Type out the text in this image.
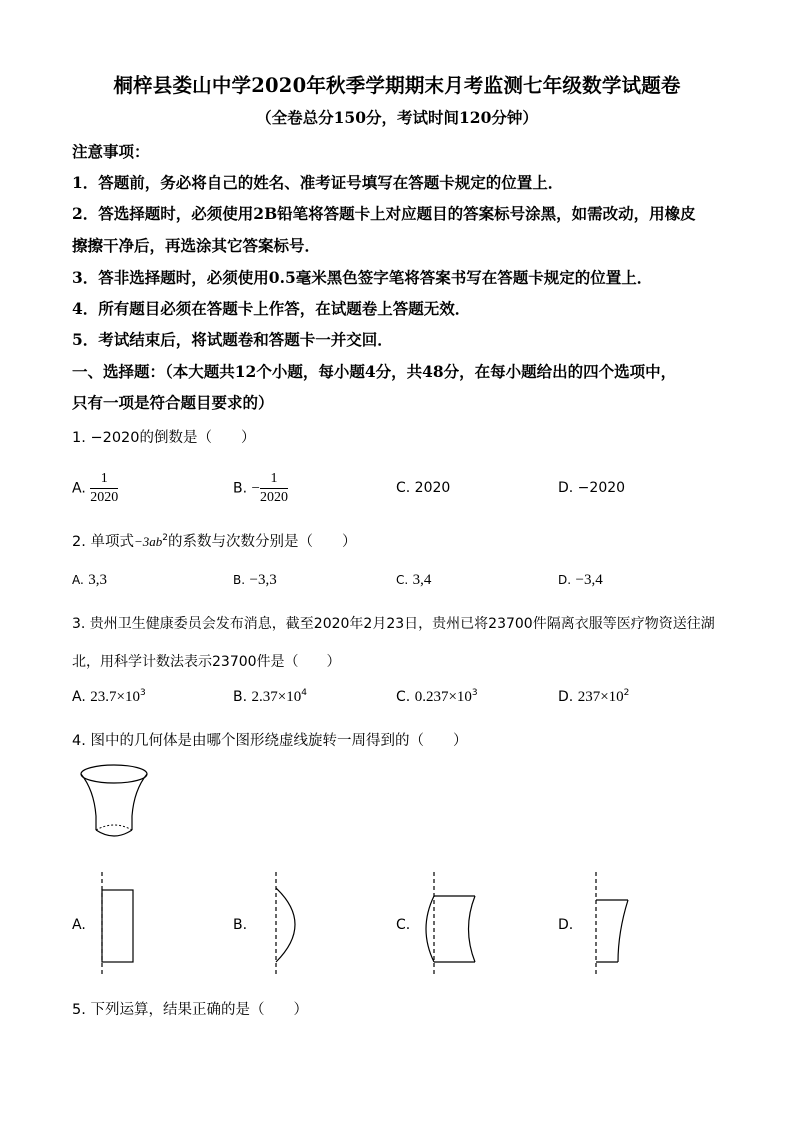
桐梓县娄山中学2020年秋季学期期末月考监测七年级数学试题卷
（全卷总分150分，考试时间120分钟）
注意事项：
1．答题前，务必将自己的姓名、准考证号填写在答题卡规定的位置上．
2．答选择题时，必须使用2B铅笔将答题卡上对应题目的答案标号涂黑，如需改动，用橡皮
擦擦干净后，再选涂其它答案标号．
3．答非选择题时，必须使用0.5毫米黑色签字笔将答案书写在答题卡规定的位置上．
4．所有题目必须在答题卡上作答，在试题卷上答题无效．
5．考试结束后，将试题卷和答题卡一并交回．
一、选择题：（本大题共12个小题，每小题4分，共48分，在每小题给出的四个选项中，
只有一项是符合题目要求的）
1. −2020的倒数是（　　）
A. $\frac{1}{2020}$	B. − $\frac{1}{2020}$	C. 2020	D. −2020
2. 单项式$-3ab^2$的系数与次数分别是（　　）
A. 3,3	B. −3,3	C. 3,4	D. −3,4
3. 贵州卫生健康委员会发布消息，截至2020年2月23日，贵州已将23700件隔离衣服等医疗物资送往湖
北，用科学计数法表示23700件是（　　）
A. $23.7\times 10^3$	B. $2.37\times 10^4$	C. $0.237\times 10^3$	D. $237\times 10^2$
4. 图中的几何体是由哪个图形绕虚线旋转一周得到的（　　）
A.	B.	C.	D.
5. 下列运算，结果正确的是（　　）
